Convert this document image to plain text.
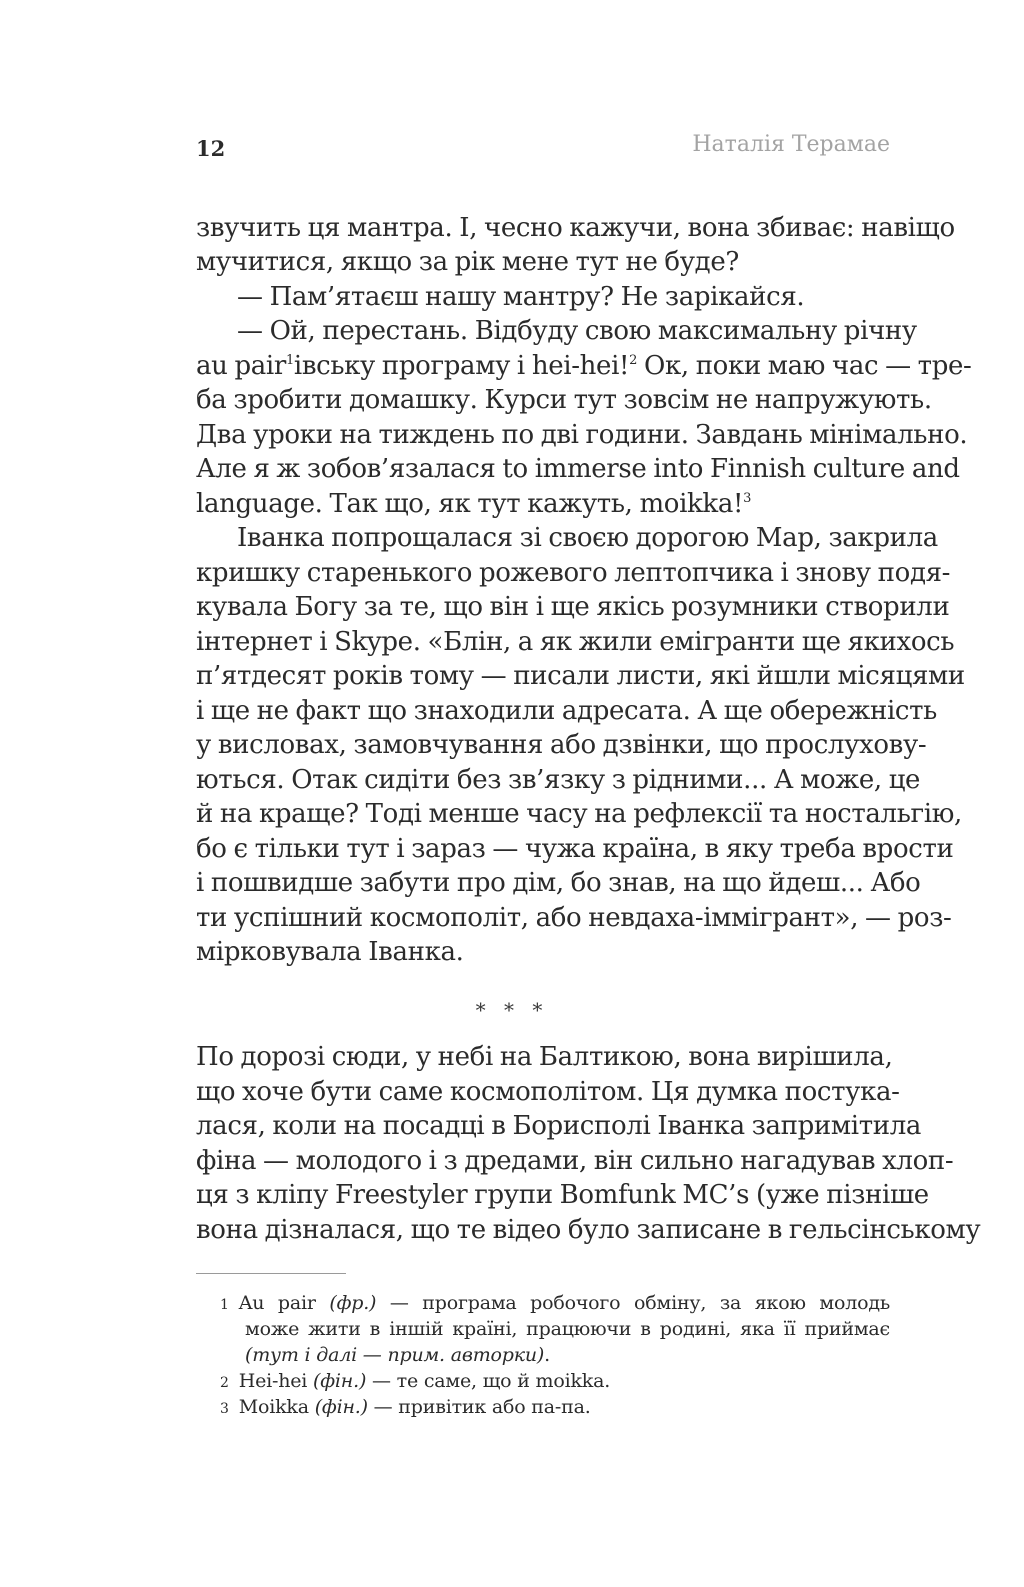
12	Наталія Терамае
звучить ця мантра. І, чесно кажучи, вона збиває: навіщо
мучитися, якщо за рік мене тут не буде?
— Пам’ятаєш нашу мантру? Не зарікайся.
— Ой, перестань. Відбуду свою максимальну річну
au pair$^1$івську програму і hei-hei!$^2$ Ок, поки маю час — тре-
ба зробити домашку. Курси тут зовсім не напружують.
Два уроки на тиждень по дві години. Завдань мінімально.
Але я ж зобов’язалася to immerse into Finnish culture and
language. Так що, як тут кажуть, moikka!$^3$
Іванка попрощалася зі своєю дорогою Мар, закрила
кришку старенького рожевого лептопчика і знову подя-
кувала Богу за те, що він і ще якісь розумники створили
інтернет і Skype. «Блін, а як жили емігранти ще якихось
п’ятдесят років тому — писали листи, які йшли місяцями
і ще не факт що знаходили адресата. А ще обережність
у висловах, замовчування або дзвінки, що прослухову-
ються. Отак сидіти без зв’язку з рідними... А може, це
й на краще? Тоді менше часу на рефлексії та ностальгію,
бо є тільки тут і зараз — чужа країна, в яку треба врости
і пошвидше забути про дім, бо знав, на що йдеш... Або
ти успішний космополіт, або невдаха-іммігрант», — роз-
мірковувала Іванка.
* * *
По дорозі сюди, у небі на Балтикою, вона вирішила,
що хоче бути саме космополітом. Ця думка постука-
лася, коли на посадці в Борисполі Іванка запримітила
фіна — молодого і з дредами, він сильно нагадував хлоп-
ця з кліпу Freestyler групи Bomfunk MC’s (уже пізніше
вона дізналася, що те відео було записане в гельсінському
1 Au pair (фр.) — програма робочого обміну, за якою молодь
може жити в іншій країні, працюючи в родині, яка її приймає
(тут і далі — прим. авторки).
2 Hei-hei (фін.) — те саме, що й moikka.
3 Moikka (фін.) — привітик або па-па.
